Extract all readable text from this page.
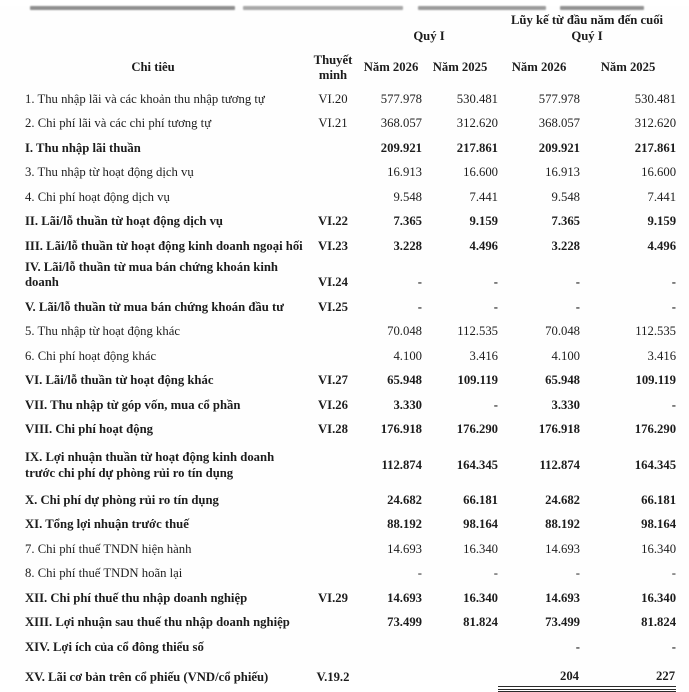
		Quý I		Lũy kế từ đầu năm đến cuối Quý I	
Chi tiêu	Thuyết minh	Năm 2026	Năm 2025	Năm 2026	Năm 2025
1. Thu nhập lãi và các khoản thu nhập tương tự	VI.20	577.978	530.481	577.978	530.481
2. Chi phí lãi và các chi phí tương tự	VI.21	368.057	312.620	368.057	312.620
I. Thu nhập lãi thuần		209.921	217.861	209.921	217.861
3. Thu nhập từ hoạt động dịch vụ		16.913	16.600	16.913	16.600
4. Chi phí hoạt động dịch vụ		9.548	7.441	9.548	7.441
II. Lãi/lỗ thuần từ hoạt động dịch vụ	VI.22	7.365	9.159	7.365	9.159
III. Lãi/lỗ thuần từ hoạt động kinh doanh ngoại hối	VI.23	3.228	4.496	3.228	4.496
IV. Lãi/lỗ thuần từ mua bán chứng khoán kinh doanh	VI.24	-	-	-	-
V. Lãi/lỗ thuần từ mua bán chứng khoán đầu tư	VI.25	-	-	-	-
5. Thu nhập từ hoạt động khác		70.048	112.535	70.048	112.535
6. Chi phí hoạt động khác		4.100	3.416	4.100	3.416
VI. Lãi/lỗ thuần từ hoạt động khác	VI.27	65.948	109.119	65.948	109.119
VII. Thu nhập từ góp vốn, mua cổ phần	VI.26	3.330	-	3.330	-
VIII. Chi phí hoạt động	VI.28	176.918	176.290	176.918	176.290
IX. Lợi nhuận thuần từ hoạt động kinh doanh trước chi phí dự phòng rủi ro tín dụng		112.874	164.345	112.874	164.345
X. Chi phí dự phòng rủi ro tín dụng		24.682	66.181	24.682	66.181
XI. Tổng lợi nhuận trước thuế		88.192	98.164	88.192	98.164
7. Chi phí thuế TNDN hiện hành		14.693	16.340	14.693	16.340
8. Chi phí thuế TNDN hoãn lại		-	-	-	-
XII. Chi phí thuế thu nhập doanh nghiệp	VI.29	14.693	16.340	14.693	16.340
XIII. Lợi nhuận sau thuế thu nhập doanh nghiệp		73.499	81.824	73.499	81.824
XIV. Lợi ích của cổ đông thiểu số				-	-
XV. Lãi cơ bản trên cổ phiếu (VND/cổ phiếu)	V.19.2			204	227
